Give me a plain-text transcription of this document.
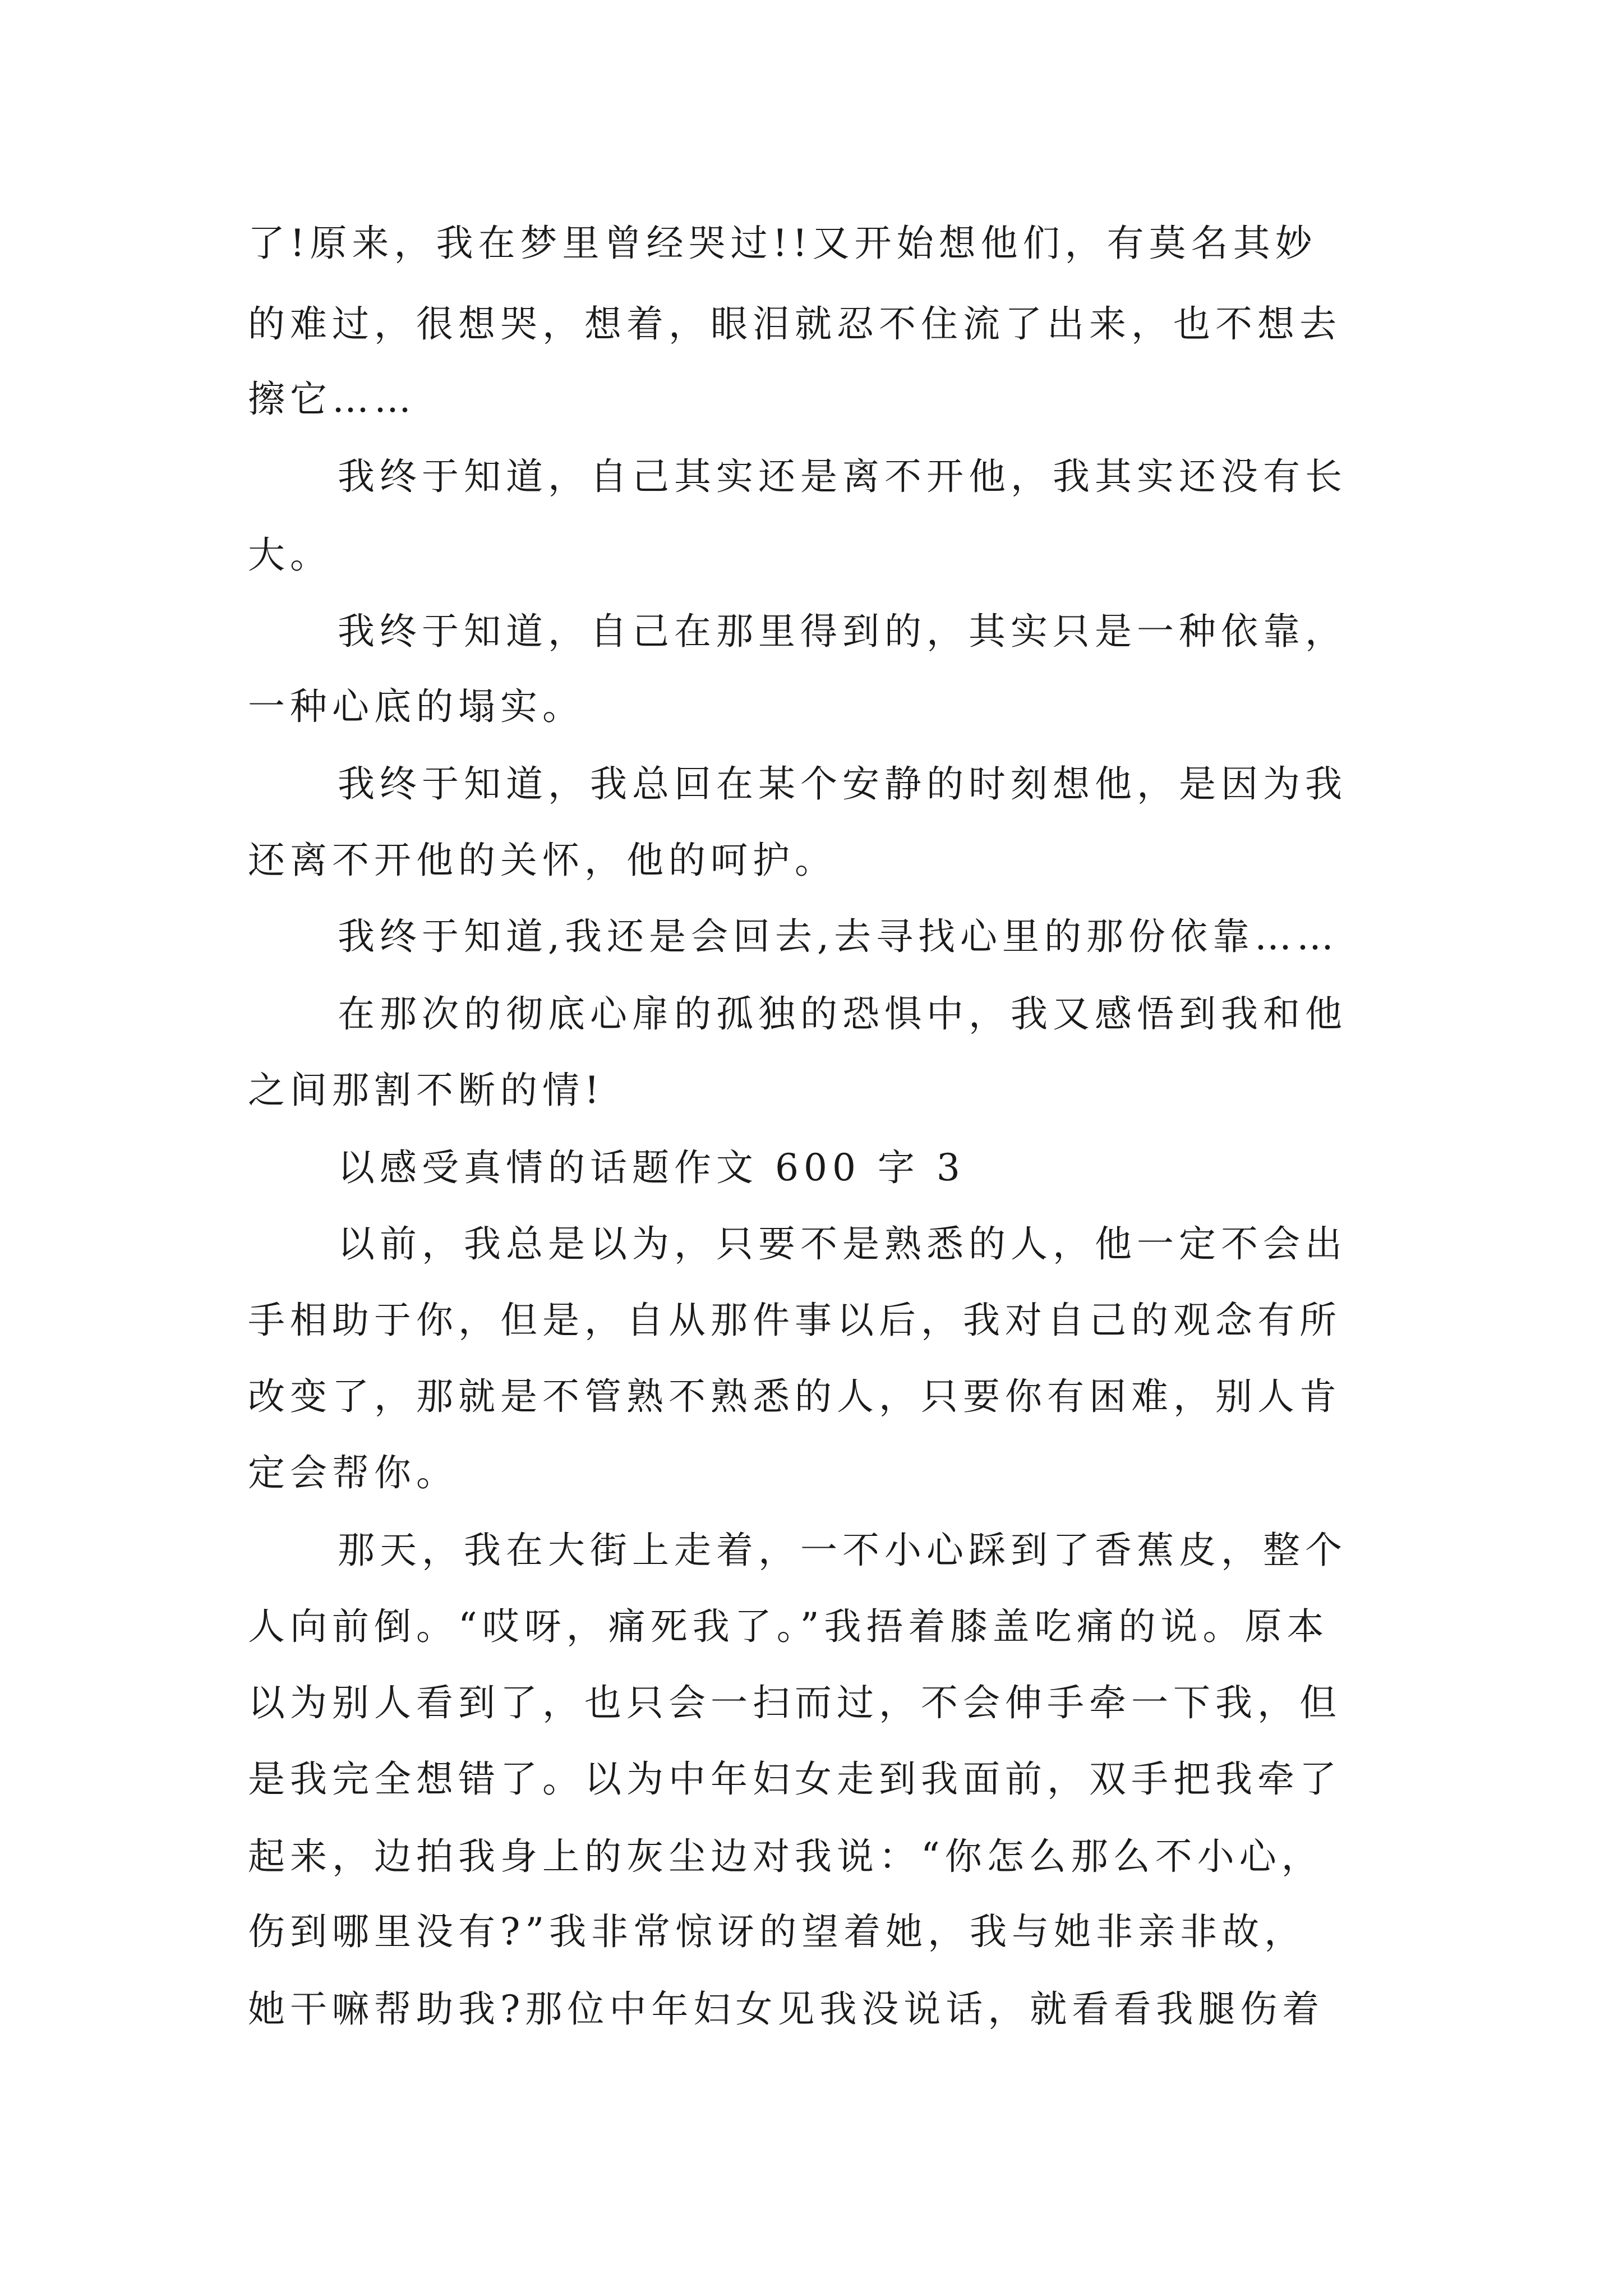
了!原来，我在梦里曾经哭过!!又开始想他们，有莫名其妙
的难过，很想哭，想着，眼泪就忍不住流了出来，也不想去
擦它……
我终于知道，自己其实还是离不开他，我其实还没有长
大。
我终于知道，自己在那里得到的，其实只是一种依靠，
一种心底的塌实。
我终于知道，我总回在某个安静的时刻想他，是因为我
还离不开他的关怀，他的呵护。
我终于知道,我还是会回去,去寻找心里的那份依靠……
在那次的彻底心扉的孤独的恐惧中，我又感悟到我和他
之间那割不断的情!
以感受真情的话题作文 600 字 3
以前，我总是以为，只要不是熟悉的人，他一定不会出
手相助于你，但是，自从那件事以后，我对自己的观念有所
改变了，那就是不管熟不熟悉的人，只要你有困难，别人肯
定会帮你。
那天，我在大街上走着，一不小心踩到了香蕉皮，整个
人向前倒。“哎呀，痛死我了。”我捂着膝盖吃痛的说。原本
以为别人看到了，也只会一扫而过，不会伸手牵一下我，但
是我完全想错了。以为中年妇女走到我面前，双手把我牵了
起来，边拍我身上的灰尘边对我说：“你怎么那么不小心，
伤到哪里没有?”我非常惊讶的望着她，我与她非亲非故，
她干嘛帮助我?那位中年妇女见我没说话，就看看我腿伤着
